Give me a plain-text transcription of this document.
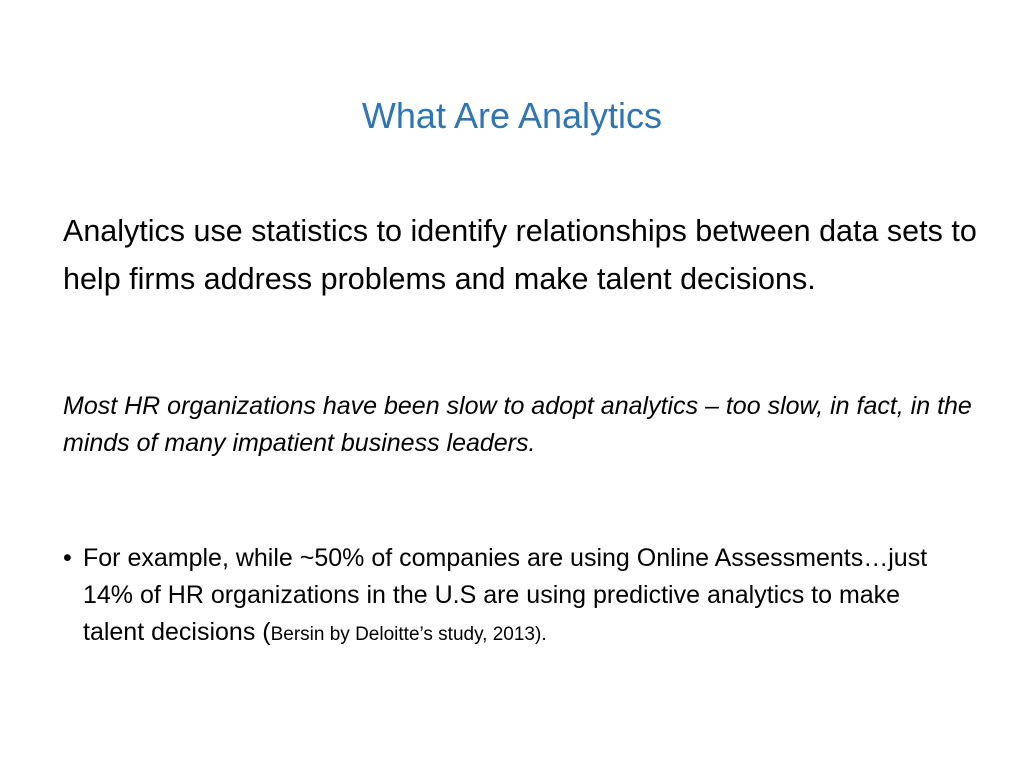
What Are Analytics

Analytics use statistics to identify relationships between data sets to help firms address problems and make talent decisions.

Most HR organizations have been slow to adopt analytics – too slow, in fact, in the minds of many impatient business leaders.

• For example, while ~50% of companies are using Online Assessments…just 14% of HR organizations in the U.S are using predictive analytics to make talent decisions (Bersin by Deloitte’s study, 2013).
